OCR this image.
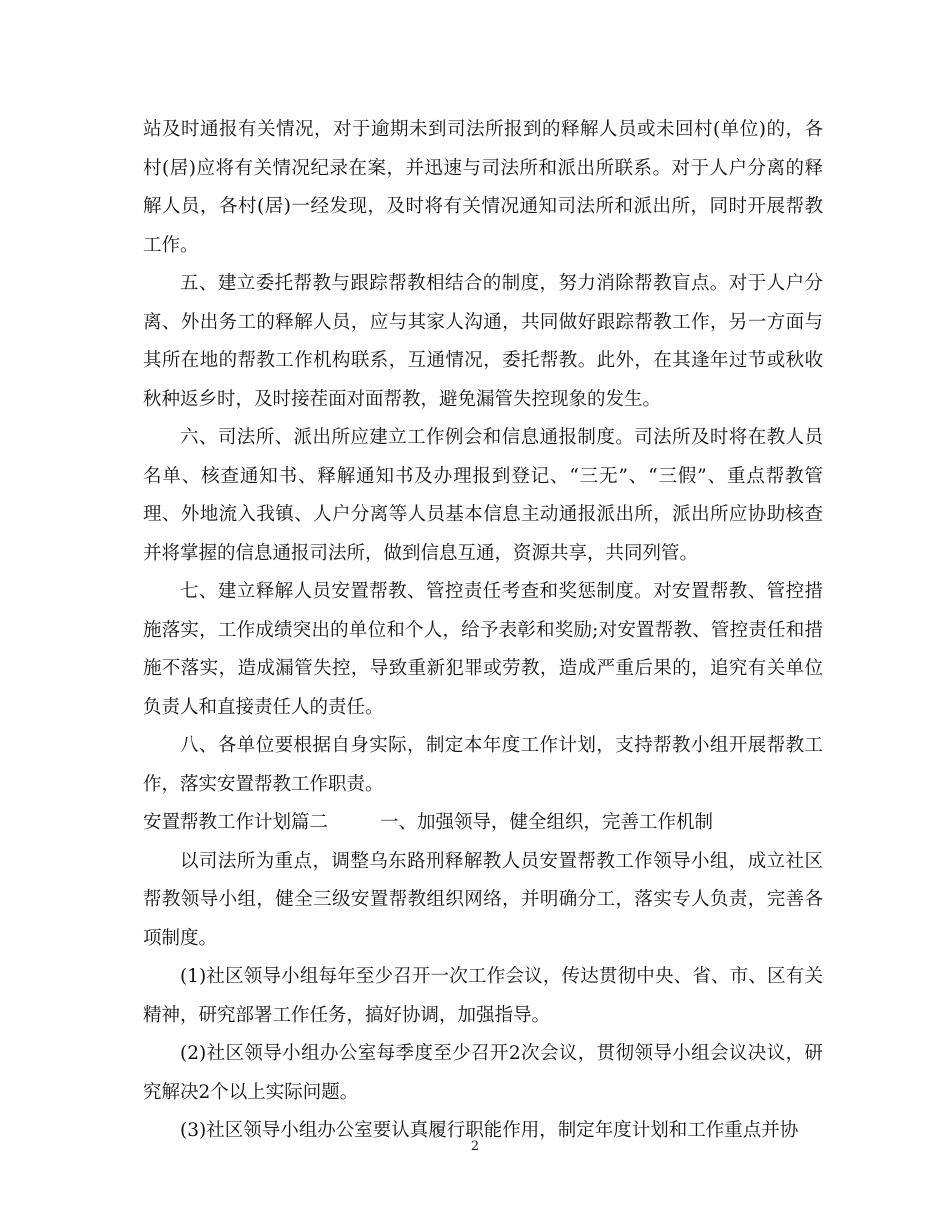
站及时通报有关情况，对于逾期未到司法所报到的释解人员或未回村(单位)的，各村(居)应将有关情况纪录在案，并迅速与司法所和派出所联系。对于人户分离的释解人员，各村(居)一经发现，及时将有关情况通知司法所和派出所，同时开展帮教工作。

五、建立委托帮教与跟踪帮教相结合的制度，努力消除帮教盲点。对于人户分离、外出务工的释解人员，应与其家人沟通，共同做好跟踪帮教工作，另一方面与其所在地的帮教工作机构联系，互通情况，委托帮教。此外，在其逢年过节或秋收秋种返乡时，及时接茬面对面帮教，避免漏管失控现象的发生。

六、司法所、派出所应建立工作例会和信息通报制度。司法所及时将在教人员名单、核查通知书、释解通知书及办理报到登记、“三无”、“三假”、重点帮教管理、外地流入我镇、人户分离等人员基本信息主动通报派出所，派出所应协助核查并将掌握的信息通报司法所，做到信息互通，资源共享，共同列管。

七、建立释解人员安置帮教、管控责任考查和奖惩制度。对安置帮教、管控措施落实，工作成绩突出的单位和个人，给予表彰和奖励;对安置帮教、管控责任和措施不落实，造成漏管失控，导致重新犯罪或劳教，造成严重后果的，追究有关单位负责人和直接责任人的责任。

八、各单位要根据自身实际，制定本年度工作计划，支持帮教小组开展帮教工作，落实安置帮教工作职责。

安置帮教工作计划篇二	一、加强领导，健全组织，完善工作机制

以司法所为重点，调整乌东路刑释解教人员安置帮教工作领导小组，成立社区帮教领导小组，健全三级安置帮教组织网络，并明确分工，落实专人负责，完善各项制度。

(1)社区领导小组每年至少召开一次工作会议，传达贯彻中央、省、市、区有关精神，研究部署工作任务，搞好协调，加强指导。

(2)社区领导小组办公室每季度至少召开2次会议，贯彻领导小组会议决议，研究解决2个以上实际问题。

(3)社区领导小组办公室要认真履行职能作用，制定年度计划和工作重点并协

2
